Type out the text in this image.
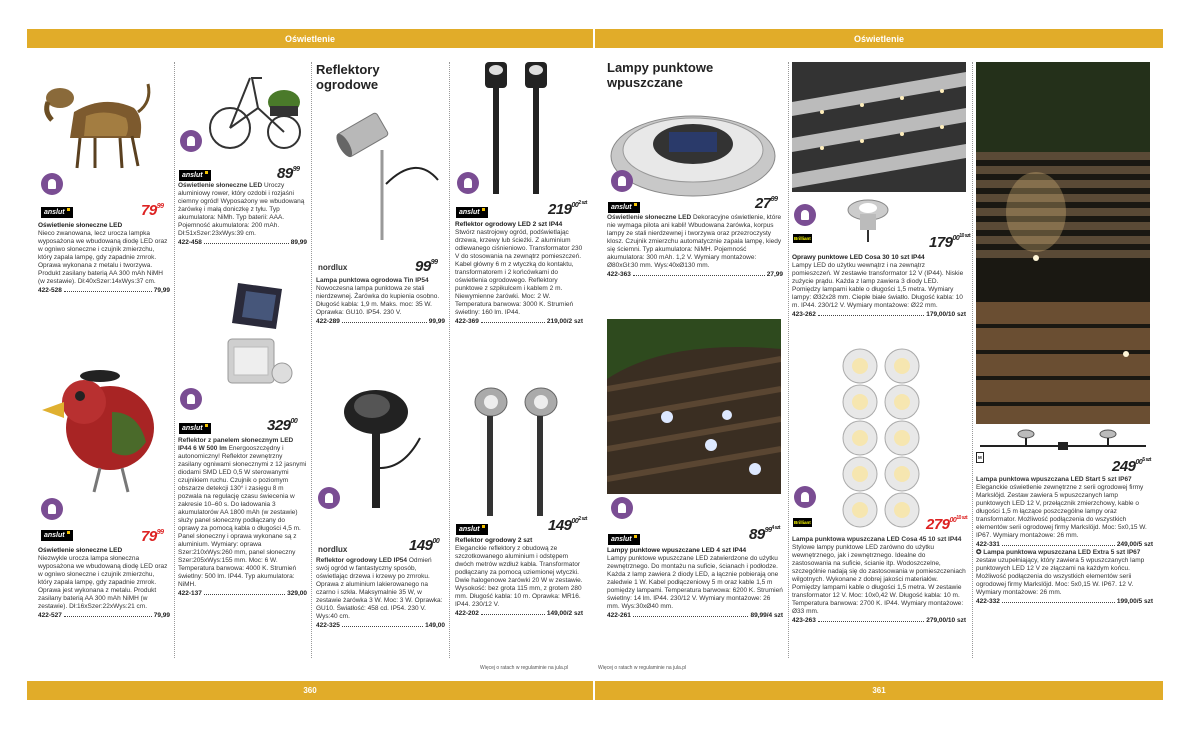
Oświetlenie	Oświetlenie
anslut	$79^{99}$
Oświetlenie słoneczne LED
Nieco zwanowana, lecz urocza lampka wyposażona we wbudowaną diodę LED oraz w ogniwo słoneczne i czujnik zmierzchu, który zapala lampę, gdy zapadnie zmrok. Oprawa wykonana z metalu i tworzywa. Produkt zasilany baterią AA 300 mAh NiMH (w zestawie). Dł:40xSzer:14xWys:37 cm.
422-528	79,99
anslut	$79^{99}$
Oświetlenie słoneczne LED
Niezwykle urocza lampa słoneczna wyposażona we wbudowaną diodę LED oraz w ogniwo słoneczne i czujnik zmierzchu, który zapala lampę, gdy zapadnie zmrok. Oprawa jest wykonana z metalu. Produkt zasilany baterią AA 300 mAh NiMH (w zestawie). Dł:16xSzer:22xWys:21 cm.
422-527	79,99
anslut	$89^{99}$
Oświetlenie słoneczne LED Uroczy aluminiowy rower, który ozdobi i rozjaśni ciemny ogród! Wyposażony we wbudowaną żarówkę i małą doniczkę z tyłu. Typ akumulatora: NiMh. Typ baterii: AAA. Pojemność akumulatora: 200 mAh. Dł:51xSzer:23xWys:39 cm.
422-458	89,99
anslut	$329^{00}$
Reflektor z panelem słonecznym LED IP44 6 W 500 lm Energooszczędny i autonomiczny! Reflektor zewnętrzny zasilany ogniwami słonecznymi z 12 jasnymi diodami SMD LED 0,5 W sterowanymi czujnikiem ruchu. Czujnik o poziomym obszarze detekcji 130° i zasięgu 8 m pozwala na regulację czasu świecenia w zakresie 10–60 s. Do ładowania 3 akumulatorów AA 1800 mAh (w zestawie) służy panel słoneczny podłączany do oprawy za pomocą kabla o długości 4,5 m. Panel słoneczny i oprawa wykonane są z aluminium. Wymiary: oprawa Szer:210xWys:260 mm, panel słoneczny Szer:205xWys:155 mm. Moc: 6 W. Temperatura barwowa: 4000 K. Strumień świetlny: 500 lm. IP44. Typ akumulatora: NiMH.
422-137	329,00
Reflektory ogrodowe
nordlux	$99^{99}$
Lampa punktowa ogrodowa Tin IP54 Nowoczesna lampa punktowa ze stali nierdzewnej. Żarówka do kupienia osobno. Długość kabla: 1,9 m. Maks. moc: 35 W. Oprawka: GU10. IP54. 230 V.
422-289	99,99
nordlux	$149^{00}$
Reflektor ogrodowy LED IP54 Odmień swój ogród w fantastyczny sposób, oświetlając drzewa i krzewy po zmroku. Oprawa z aluminium lakierowanego na czarno i szkła. Maksymalnie 35 W, w zestawie żarówka 3 W. Moc: 3 W. Oprawka: GU10. Światłość: 458 cd. IP54. 230 V. Wys:40 cm.
422-325	149,00
anslut	$219^{00}2$ szt
Reflektor ogrodowy LED 2 szt IP44
Stwórz nastrojowy ogród, podświetlając drzewa, krzewy lub ścieżki. Z aluminium odlewanego ciśnieniowo. Transformator 230 V do stosowania na zewnątrz pomieszczeń. Kabel główny 6 m z wtyczką do kontaktu, transformatorem i 2 końcówkami do oświetlenia ogrodowego. Reflektory punktowe z szpikulcem i kablem 2 m. Niewymienne żarówki. Moc: 2 W. Temperatura barwowa: 3000 K. Strumień świetlny: 160 lm. IP44.
422-369	219,00/2 szt
anslut	$149^{00}2$ szt
Reflektor ogrodowy 2 szt
Eleganckie reflektory z obudową ze szczotkowanego aluminium i odstępem dwóch metrów wzdłuż kabla. Transformator podłączany za pomocą uziemionej wtyczki. Dwie halogenowe żarówki 20 W w zestawie. Wysokość: bez grota 115 mm, z grotem 280 mm. Długość kabla: 10 m. Oprawka: MR16. IP44. 230/12 V.
422-202	149,00/2 szt
Lampy punktowe wpuszczane
anslut	$27^{99}$
Oświetlenie słoneczne LED Dekoracyjne oświetlenie, które nie wymaga pilota ani kabli! Wbudowana żarówka, korpus lampy ze stali nierdzewnej i tworzywa oraz przezroczysty klosz. Czujnik zmierzchu automatycznie zapala lampę, kiedy się ściemni. Typ akumulatora: NiMH. Pojemność akumulatora: 300 mAh. 1,2 V. Wymiary montażowe: Ø80xGł:30 mm. Wys:40xØ130 mm.
422-363	27,99
anslut	$89^{99}4$ szt
Lampy punktowe wpuszczane LED 4 szt IP44
Lampy punktowe wpuszczane LED zatwierdzone do użytku zewnętrznego. Do montażu na suficie, ścianach i podłodze. Każda z lamp zawiera 2 diody LED, a łącznie pobierają one zaledwie 1 W. Kabel podłączeniowy 5 m oraz kable 1,5 m pomiędzy lampami. Temperatura barwowa: 6200 K. Strumień świetlny: 14 lm. IP44. 230/12 V. Wymiary montażowe: 26 mm. Wys:30xØ40 mm.
422-261	89,99/4 szt
Brilliant	$179^{00}10$ szt
Oprawy punktowe LED Cosa 30 10 szt IP44
Lampy LED do użytku wewnątrz i na zewnątrz pomieszczeń. W zestawie transformator 12 V (IP44). Niskie zużycie prądu. Każda z lamp zawiera 3 diody LED. Pomiędzy lampami kable o długości 1,5 metra. Wymiary lampy: Ø32x28 mm. Ciepłe białe światło. Długość kabla: 10 m. IP44. 230/12 V. Wymiary montażowe: Ø22 mm.
423-262	179,00/10 szt
Brilliant	$279^{00}10$ szt
Lampa punktowa wpuszczana LED Cosa 45 10 szt IP44 Stylowe lampy punktowe LED zarówno do użytku wewnętrznego, jak i zewnętrznego. Idealne do zastosowania na suficie, ścianie itp. Wodoszczelne, szczególnie nadają się do zastosowania w pomieszczeniach wilgotnych. Wykonane z dobrej jakości materiałów. Pomiędzy lampami kable o długości 1,5 metra. W zestawie transformator 12 V. Moc: 10x0,42 W. Długość kabla: 10 m. Temperatura barwowa: 2700 K. IP44. Wymiary montażowe: Ø33 mm.
423-263	279,00/10 szt
M
$249^{00}5$ szt
Lampa punktowa wpuszczana LED Start 5 szt IP67 Eleganckie oświetlenie zewnętrzne z serii ogrodowej firmy Markslöjd. Zestaw zawiera 5 wpuszczanych lamp punktowych LED 12 V, przełącznik zmierzchowy, kable o długości 1,5 m łączące poszczególne lampy oraz transformator. Możliwość podłączenia do wszystkich elementów serii ogrodowej firmy Markslöjd. Moc: 5x0,15 W. IP67. Wymiary montażowe: 26 mm.
422-331	249,00/5 szt
✪ Lampa punktowa wpuszczana LED Extra 5 szt IP67 zestaw uzupełniający, który zawiera 5 wpuszczanych lamp punktowych LED 12 V ze złączami na każdym końcu. Możliwość podłączenia do wszystkich elementów serii ogrodowej firmy Markslöjd. Moc: 5x0,15 W. IP67. 12 V. Wymiary montażowe: 26 mm.
422-332	199,00/5 szt
Więcej o ratach w regulaminie na jula.pl	Więcej o ratach w regulaminie na jula.pl
360	361
